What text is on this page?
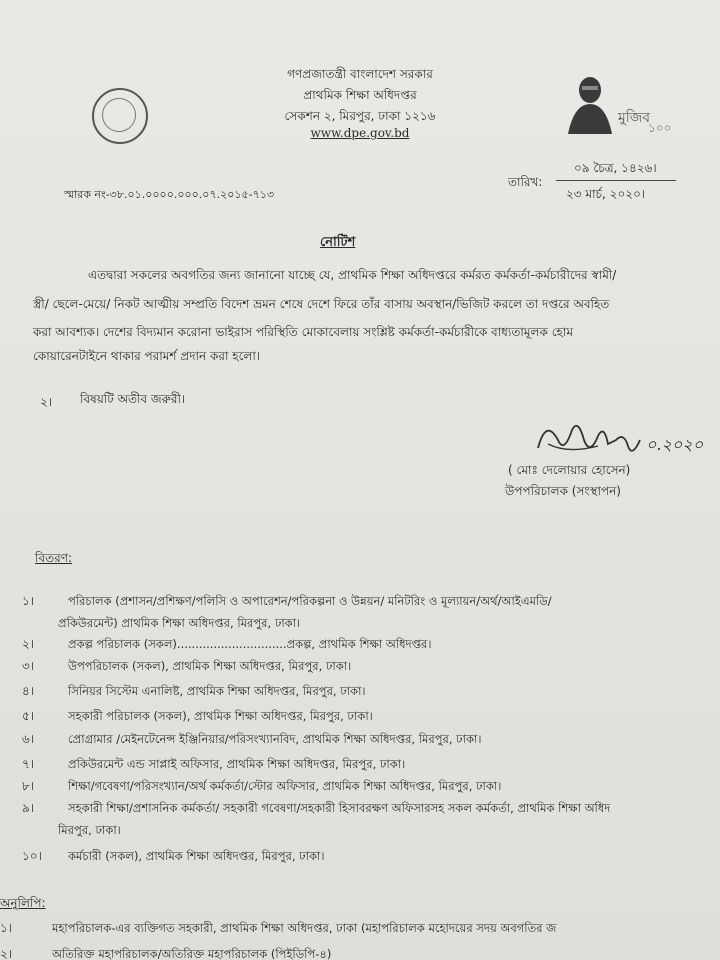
গণপ্রজাতন্ত্রী বাংলাদেশ সরকার
প্রাথমিক শিক্ষা অধিদপ্তর
সেকশন ২, মিরপুর, ঢাকা ১২১৬
www.dpe.gov.bd
মুজিব
১০০
স্মারক নং-৩৮.০১.০০০০.০০০.০৭.২০১৫-৭১৩
তারিখ:
০৯ চৈত্র, ১৪২৬।
২৩ মার্চ, ২০২০।
নোটিশ
এতদ্বারা সকলের অবগতির জন্য জানানো যাচ্ছে যে, প্রাথমিক শিক্ষা অধিদপ্তরে কর্মরত কর্মকর্তা-কর্মচারীদের স্বামী/
স্ত্রী/ ছেলে-মেয়ে/ নিকট আত্মীয় সম্প্রতি বিদেশ ভ্রমন শেষে দেশে ফিরে তাঁর বাসায় অবস্থান/ভিজিট করলে তা দপ্তরে অবহিত
করা আবশ্যক। দেশের বিদ্যমান করোনা ভাইরাস পরিস্থিতি মোকাবেলায় সংশ্লিষ্ট কর্মকর্তা-কর্মচারীকে বাধ্যতামূলক হোম
কোয়ারেনটাইনে থাকার পরামর্শ প্রদান করা হলো।
২। বিষয়টি অতীব জরুরী।
০.২০২০
( মোঃ দেলোয়ার হোসেন)
উপপরিচালক (সংস্থাপন)
বিতরণ:
১।	পরিচালক (প্রশাসন/প্রশিক্ষণ/পলিসি ও অপারেশন/পরিকল্পনা ও উন্নয়ন/ মনিটরিং ও মূল্যায়ন/অর্থ/আইএমডি/
প্রকিউরমেন্ট) প্রাথমিক শিক্ষা অধিদপ্তর, মিরপুর, ঢাকা।
২।	প্রকল্প পরিচালক (সকল)..............................প্রকল্প, প্রাথমিক শিক্ষা অধিদপ্তর।
৩।	উপপরিচালক (সকল), প্রাথমিক শিক্ষা অধিদপ্তর, মিরপুর, ঢাকা।
৪।	সিনিয়র সিস্টেম এনালিষ্ট, প্রাথমিক শিক্ষা অধিদপ্তর, মিরপুর, ঢাকা।
৫।	সহকারী পরিচালক (সকল), প্রাথমিক শিক্ষা অধিদপ্তর, মিরপুর, ঢাকা।
৬।	প্রোগ্রামার /মেইনটেনেন্স ইঞ্জিনিয়ার/পরিসংখ্যানবিদ, প্রাথমিক শিক্ষা অধিদপ্তর, মিরপুর, ঢাকা।
৭।	প্রকিউরমেন্ট এন্ড সাপ্লাই অফিসার, প্রাথমিক শিক্ষা অধিদপ্তর, মিরপুর, ঢাকা।
৮।	শিক্ষা/গবেষণা/পরিসংখ্যান/অর্থ কর্মকর্তা/স্টোর অফিসার, প্রাথমিক শিক্ষা অধিদপ্তর, মিরপুর, ঢাকা।
৯।	সহকারী শিক্ষা/প্রশাসনিক কর্মকর্তা/ সহকারী গবেষণা/সহকারী হিসাবরক্ষণ অফিসারসহ সকল কর্মকর্তা, প্রাথমিক শিক্ষা অধিদ
মিরপুর, ঢাকা।
১০।	কর্মচারী (সকল), প্রাথমিক শিক্ষা অধিদপ্তর, মিরপুর, ঢাকা।
অনুলিপি:
১।	মহাপরিচালক-এর ব্যক্তিগত সহকারী, প্রাথমিক শিক্ষা অধিদপ্তর, ঢাকা (মহাপরিচালক মহোদয়ের সদয় অবগতির জ
২।	অতিরিক্ত মহাপরিচালক/অতিরিক্ত মহাপরিচালক (পিইডিপি-৪)
